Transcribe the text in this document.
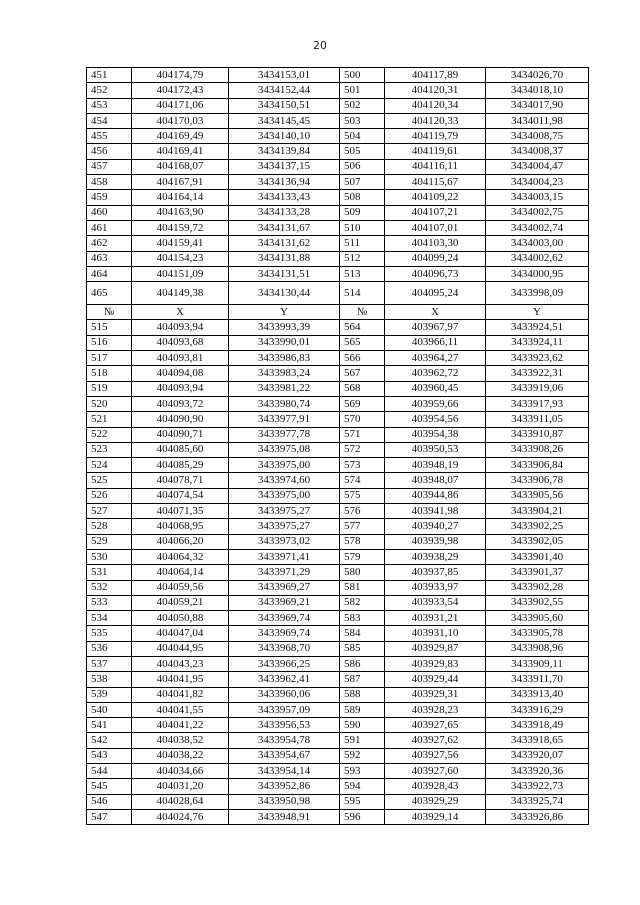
20
451	404174,79	3434153,01	500	404117,89	3434026,70
452	404172,43	3434152,44	501	404120,31	3434018,10
453	404171,06	3434150,51	502	404120,34	3434017,90
454	404170,03	3434145,45	503	404120,33	3434011,98
455	404169,49	3434140,10	504	404119,79	3434008,75
456	404169,41	3434139,84	505	404119,61	3434008,37
457	404168,07	3434137,15	506	404116,11	3434004,47
458	404167,91	3434136,94	507	404115,67	3434004,23
459	404164,14	3434133,43	508	404109,22	3434003,15
460	404163,90	3434133,28	509	404107,21	3434002,75
461	404159,72	3434131,67	510	404107,01	3434002,74
462	404159,41	3434131,62	511	404103,30	3434003,00
463	404154,23	3434131,88	512	404099,24	3434002,62
464	404151,09	3434131,51	513	404096,73	3434000,95
465	404149,38	3434130,44	514	404095,24	3433998,09
№	X	Y	№	X	Y
515	404093,94	3433993,39	564	403967,97	3433924,51
516	404093,68	3433990,01	565	403966,11	3433924,11
517	404093,81	3433986,83	566	403964,27	3433923,62
518	404094,08	3433983,24	567	403962,72	3433922,31
519	404093,94	3433981,22	568	403960,45	3433919,06
520	404093,72	3433980,74	569	403959,66	3433917,93
521	404090,90	3433977,91	570	403954,56	3433911,05
522	404090,71	3433977,78	571	403954,38	3433910,87
523	404085,60	3433975,08	572	403950,53	3433908,26
524	404085,29	3433975,00	573	403948,19	3433906,84
525	404078,71	3433974,60	574	403948,07	3433906,78
526	404074,54	3433975,00	575	403944,86	3433905,56
527	404071,35	3433975,27	576	403941,98	3433904,21
528	404068,95	3433975,27	577	403940,27	3433902,25
529	404066,20	3433973,02	578	403939,98	3433902,05
530	404064,32	3433971,41	579	403938,29	3433901,40
531	404064,14	3433971,29	580	403937,85	3433901,37
532	404059,56	3433969,27	581	403933,97	3433902,28
533	404059,21	3433969,21	582	403933,54	3433902,55
534	404050,88	3433969,74	583	403931,21	3433905,60
535	404047,04	3433969,74	584	403931,10	3433905,78
536	404044,95	3433968,70	585	403929,87	3433908,96
537	404043,23	3433966,25	586	403929,83	3433909,11
538	404041,95	3433962,41	587	403929,44	3433911,70
539	404041,82	3433960,06	588	403929,31	3433913,40
540	404041,55	3433957,09	589	403928,23	3433916,29
541	404041,22	3433956,53	590	403927,65	3433918,49
542	404038,52	3433954,78	591	403927,62	3433918,65
543	404038,22	3433954,67	592	403927,56	3433920,07
544	404034,66	3433954,14	593	403927,60	3433920,36
545	404031,20	3433952,86	594	403928,43	3433922,73
546	404028,64	3433950,98	595	403929,29	3433925,74
547	404024,76	3433948,91	596	403929,14	3433926,86
